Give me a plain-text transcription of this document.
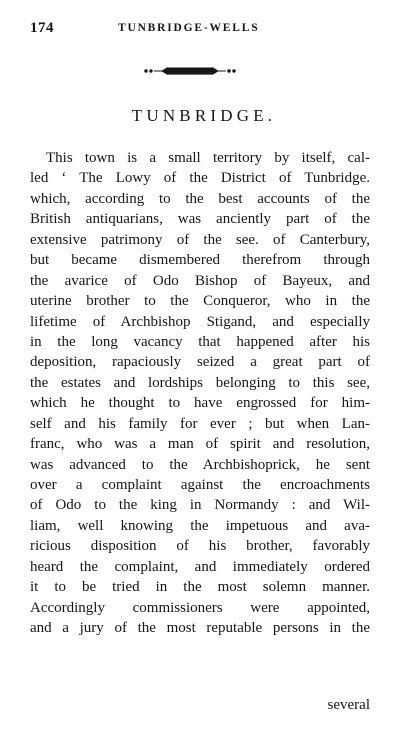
174	TUNBRIDGE-WELLS
TUNBRIDGE.
This town is a small territory by itself, cal-
led ‘ The Lowy of the District of Tunbridge.
which, according to the best accounts of the
British antiquarians, was anciently part of the
extensive patrimony of the see. of Canterbury,
but became dismembered therefrom through
the avarice of Odo Bishop of Bayeux, and
uterine brother to the Conqueror, who in the
lifetime of Archbishop Stigand, and especially
in the long vacancy that happened after his
deposition, rapaciously seized a great part of
the estates and lordships belonging to this see,
which he thought to have engrossed for him-
self and his family for ever ; but when Lan-
franc, who was a man of spirit and resolution,
was advanced to the Archbishoprick, he sent
over a complaint against the encroachments
of Odo to the king in Normandy : and Wil-
liam, well knowing the impetuous and ava-
ricious disposition of his brother, favorably
heard the complaint, and immediately ordered
it to be tried in the most solemn manner.
Accordingly commissioners were appointed,
and a jury of the most reputable persons in the
several
